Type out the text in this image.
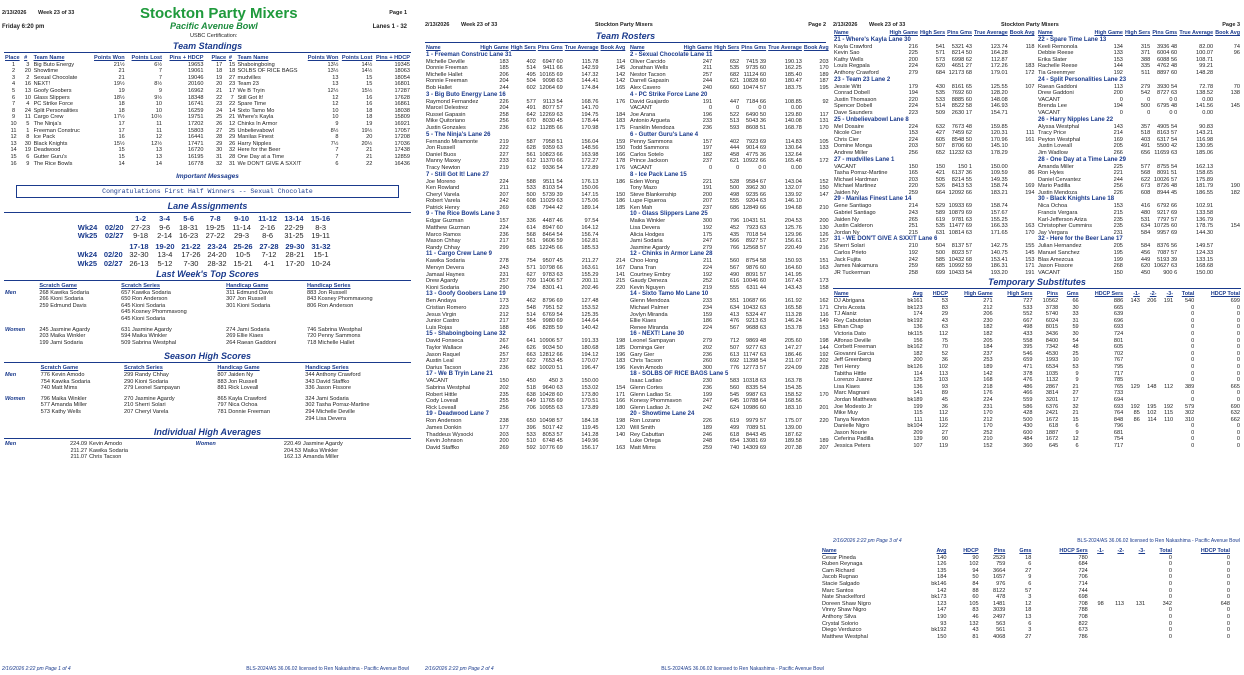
2/13/2026 Week 23 of 33	Stockton Party Mixers	Page 1
Friday 6:20 pm	Pacific Avenue Bowl	Lanes 1 - 32
USBC Certification:
Team Standings
Place	#	Team Name	Points Won	Points Lost	Pins + HDCP
1	3	Big Buto Energy	21½	6½	19653
2	20	Showtime	21	7	19061
3	2	Sexual Chocolate	21	7	19046
4	16	NEXT!	19½	8½	20160
5	13	Goofy Goobers	19	9	16962
6	10	Glass Slippers	18½	9½	18348
7	4	PC Strike Force	18	10	16741
8	24	Split Personalities	18	10	16259
9	11	Cargo Crew	17½	10½	19751
10	5	The Ninja's	17	11	17202
11	1	Freeman Construc	17	11	15803
12	8	Ice Pack	16	12	16441
13	30	Black Knights	15½	12½	17471
14	19	Deadwood	15	13	16720
15	6	Gutter Guru's	15	13	16195
16	9	The Rice Bowls	14	14	16778
Place	#	Team Name	Points Won	Points Lost	Pins + HDCP
17	15	Shaboingboing	13½	14½	19345
18	18	SOLBS OF RICE BAGS	13½	14½	18063
19	27	mudvilles	13	15	18054
20	23	Team 23	13	15	16801
21	17	We B Tryin	12½	15½	17287
22	7	Still Got It!	12	16	17628
23	22	Spare Time	12	16	16861
24	14	Sixto Tamo Mo	10	18	18038
25	21	Where's Kayla	10	18	15809
26	12	Chinks In Armor	9	19	16921
27	25	Unbelievabowl	8½	19½	17057
28	29	Manilas Finest	8	20	17208
29	26	Harry Nipples	7½	20½	17036
30	32	Here for the Beer	7	21	17438
31	28	One Day at a Time	7	21	12859
32	31	We DON'T GIVE A SXX!T	6	22	16436
Important Messages
Congratulations First Half Winners -- Sexual Chocolate
Lane Assignments
		1-2	3-4	5-6	7-8	9-10	11-12	13-14	15-16
Wk24	02/20	27-23	9-6	18-31	19-25	11-14	2-16	22-29	8-3
Wk25	02/27	9-18	2-14	16-23	27-22	29-3	8-6	31-25	19-11
		17-18	19-20	21-22	23-24	25-26	27-28	29-30	31-32
Wk24	02/20	32-30	13-4	17-26	24-20	10-5	7-12	28-21	15-1
Wk25	02/27	26-13	5-12	7-30	28-32	15-21	4-1	17-20	10-24
Last Week's Top Scores
	Scratch Game	Scratch Series	Handicap Game	Handicap Series
Men	268 Kawika Sodaria	657 Kawika Sodaria	311 Edmund Davis	883 Jon Russell
	266 Kioni Sodaria	650 Ron Anderson	307 Jon Russell	843 Kosney Phommavong
	259 Edmund Davis	645 Kioni Sodaria	301 Kioni Sodaria	806 Ron Anderson
		645 Kosney Phommavong		
		645 Kioni Sodaria		

Women	245 Jasmine Agardy	631 Jasmine Agardy	274 Jami Sodaria	746 Sabrina Westphal
	203 Maika Winkler	594 Maika Winkler	269 Ellie Kiaes	720 Penny Sammons
	199 Jami Sodaria	509 Sabrina Westphal	264 Raean Gaddoni	718 Michelle Hallet

Season High Scores
	Scratch Game	Scratch Series	Handicap Game	Handicap Series
Men	776 Kevin Amodo	299 Randy Chhay	807 Jaiden Ny	344 Anthony Crawford
	754 Kawika Sodaria	290 Kioni Sodaria	883 Jon Russell	343 David Staffko
	740 Matt Mims	279 Leonel Sampayan	881 Rick Loveall	336 Jason Fissore

Women	796 Maika Winkler	270 Jasmine Agardy	865 Kayla Crawford	324 Jami Sodaria
	577 Amanda Miller	210 Sherri Solari	797 Nica Ochoa	302 Tasha Porraz-Martine
	573 Kathy Wells	207 Cheryl Varela	781 Donnie Freeman	294 Michelle Deville
				294 Lisa Devera

Individual High Averages
Men	224.09	Kevin Amodo	Women	220.49	Jasmine Agardy
	211.27	Kawika Sodaria		204.53	Maika Winkler
	211.07	Chris Tacson		162.13	Amanda Miller
2/16/2026 2:22 pm Page 1 of 4	BLS-2024/AS 36.06.02 licensed to Ren Nakashima - Pacific Avenue Bowl
2/13/2026 Week 23 of 33	Stockton Party Mixers	Page 2
Team Rosters
Name	High Game	High Sers	Pins Gms	True Average	Book Avg
1 - Freeman Construc Lane 31					
Michelle Deville	183	402	6947 60	115.78	114
Donnie Freeman	185	514	9411 66	142.59	145
Michelle Hallet	206	495	10165 69	147.32	142
Ronnie Freeman	204	504	9098 63	144.41	142
Bob Hallet	244	602	12064 69	174.84	165
3 - Big Buto Energy Lane 16					
Raymond Fernandez	226	577	9113 54	168.76	176
Marcel Delestrez	204	491	8077 57	141.70	
Russel Gapasin	258	642	12269 63	194.75	184
Mike Quitoriano	256	670	8030 45	178.44	183
Justin Gonzales	236	612	11285 66	170.98	175
5 - The Ninja's Lane 26					
Fernando Miramonte	219	587	7958 51	156.04	159
Jon Russell	222	628	9359 63	148.56	150
Daniel Buos	227	561	10823 66	163.98	166
Manny Maxey	233	612	11370 66	172.27	178
Tracy Newton	219	612	9336 54	172.89	176
7 - Still Got It! Lane 27					
Joe Moreno	224	588	9511 54	176.13	186
Ken Rowland	211	533	8103 54	150.06	
Cheryl Varela	207	500	5739 39	147.15	150
Robert Varela	242	608	11029 63	175.06	186
Patrick Henry	269	638	7944 42	189.14	185
9 - The Rice Bowls Lane 3					
Edgar Guzman	157	336	4487 46	97.54	
Matthew Guzman	224	614	8947 60	164.12	
Marco Ramos	236	568	8464 54	156.74	
Mason Chhay	217	561	9606 59	162.81	
Randy Chhay	299	685	12245 66	185.53	
11 - Cargo Crew Lane 9					
Kawika Sodaria	278	754	9507 45	211.27	214
Mervyn Devera	243	571	10798 66	163.61	167
Jamaal Haynes	231	627	9783 63	155.29	141
Drew Agardy	257	709	11406 57	200.11	215
Kioni Sodaria	290	734	8301 41	202.46	220
13 - Goofy Goobers Lane 19					
Ben Andaya	173	462	8796 69	127.48	
Cristian Romero	223	548	7951 52	153.52	
Jesus Virgin	212	514	6769 54	125.35	
Junior Castro	217	554	9980 69	144.64	
Luis Rojas	188	496	8285 59	140.42	
15 - Shaboingboing Lane 32					
David Fonseca	267	641	10906 57	191.33	198
Taylor Wallace	246	626	9034 50	180.68	185
Jason Raquel	257	663	12812 66	194.12	196
Austin Leal	237	622	7653 45	170.07	183
Darius Tacson	236	682	10020 51	196.47	196
17 - We B Tryin Lane 21					
VACANT	150	450	450 3	150.00	
Sabrina Westphal	202	518	9640 63	153.02	154
Robert Hittle	235	638	10428 60	173.80	171
Cody Loveall	255	649	11765 69	170.51	166
Rick Loveall	256	706	10955 63	173.89	180
19 - Deadwood Lane 7					
Ron Anderson	238	650	10498 57	184.18	198
James Donkin	177	396	5017 42	119.45	120
Thaddeus Wysocki	203	533	8053 57	141.28	140
Kevin Johnson	200	510	6748 45	149.96	
David Staffko	269	592	10776 69	156.17	163
Name	High Game	High Sers	Pins Gms	True Average	Book Avg
2 - Sexual Chocolate Lane 11					
Oliver Carcido	247	652	7415 39	190.13	203
Jonathan Wells	211	535	9735 60	162.25	170
Nestor Tacson	257	682	11124 60	185.40	189
Darrell Gapasin	244	621	10828 60	180.47	187
Alex Cavero	240	660	10474 57	183.75	195
4 - PC Strike Force Lane 20					
David Guajardo	191	447	7184 66	108.85	92
VACANT	0	0	0 0	0.00	
Joe Arana	196	522	6490 50	129.80	117
Antonio Argueta	233	513	5043 36	140.08	131
Franklin Mendoza	236	593	8608 51	168.78	170
6 - Gutter Guru's Lane 4					
Penny Sammons	157	402	7923 69	114.83	105
Todd Sammons	197	444	9014 69	130.64	133
Carlos Sotelo	182	458	4775 36	132.64	
Prince Jackson	237	621	10922 66	165.48	172
VACANT	0	0	0 0	0.00	
8 - Ice Pack Lane 15					
Eden Wong	221	528	9584 67	143.04	152
Tony Mazo	191	500	3962 30	132.07	150
Steve Blankenship	200	498	9235 66	139.92	147
Lupe Figueroa	207	555	9204 63	146.10	
Ken Mah	237	686	12849 66	194.68	210
10 - Glass Slippers Lane 25					
Maika Winkler	300	796	10431 51	204.53	200
Lisa Devera	192	452	7923 63	125.76	130
Alicia Hodges	175	435	7018 54	129.96	126
Jami Sodaria	247	566	8927 57	156.61	157
Jasmine Agardy	279	766	12568 57	220.49	216
12 - Chinks in Armor Lane 28					
Choo Hong	211	560	8754 58	150.93	151
Dana Tran	224	567	9876 60	164.60	163
Courtney Embry	192	490	8091 57	141.95	
Gaudy Deneza	252	616	10046 60	167.43	173
Kevin Nguyen	219	555	6311 44	143.43	158
14 - Sixto Tamo Mo Lane 10					
Glenn Mendoza	233	551	10687 66	161.92	162
Michael Palmer	234	634	10432 63	165.58	171
Jovlyn Miranda	159	413	5324 47	113.28	116
Ellie Kiaes	186	476	9213 63	146.24	149
Renee Miranda	224	567	9688 63	153.78	153
16 - NEXT! Lane 30					
Leonel Sampayan	279	712	9869 48	205.60	198
Dominga Gier	202	507	9277 63	147.27	144
Gary Gier	236	613	11747 63	186.46	192
Chris Tacson	260	692	11398 54	211.07	202
Kevin Amodo	300	776	12773 57	224.09	228
18 - SOLBS OF RICE BAGS Lane 5					
Isaac Ladiao	230	583	10318 63	163.78	
Glenn Cortes	236	560	8335 54	154.35	
Glenn Ladiao Sr.	199	545	9987 63	158.52	170
Konesy Phommavon	247	645	10788 64	168.56	
Glenn Ladiao Jr.	242	624	10986 60	183.10	201
20 - Showtime Lane 24					
Ron Lozano	226	619	9979 57	175.07	220
Will Smith	189	499	7089 51	139.00	
Rey Cabuttan	246	618	8443 45	187.62	
Luke Ortega	248	654	13081 69	189.58	189
Matt Mims	259	740	14309 69	207.38	207
2/16/2026 2:22 pm Page 2 of 4	BLS-2024/AS 36.06.02 licensed to Ren Nakashima - Pacific Avenue Bowl
2/13/2026 Week 23 of 33	Stockton Party Mixers	Page 3
Name	High Game	High Sers	Pins Gms	True Average	Book Avg
21 - Where's Kayla Lane 30					
Kayla Crawford	216	541	5321 43	123.74	118
Kevin Sao	225	571	8214 50	164.28	
Kathy Wells	200	573	6998 62	112.87	
Louis Regpala	224	620	4651 27	172.26	183
Anthony Crawford	279	684	12173 68	179.01	172
23 - Team 23 Lane 2					
Jessie Witt	179	430	8161 65	125.55	107
Conrad Dobell	194	535	7692 60	128.20	
Justin Thomason	220	533	8885 60	148.08	
Spencer Dobell	224	514	8522 58	146.93	
Dave Saunders	223	509	2630 17	154.71	
25 - Unbelievabowl Lane 8					
Mel Dosaire	224	632	7673 48	159.85	
Nicole Cier	153	427	7459 62	120.31	111
Chris Cier	224	605	8548 50	170.96	161
Domine Monga	203	507	8706 60	145.10	
Andrew Miller	256	652	11232 63	178.29	
27 - mudvilles Lane 1					
VACANT	150	150	150 1	150.00	
Tasha Porraz-Martine	165	421	6137 36	109.59	86
Michael Hardman	203	505	8214 55	149.35	
Michael Martinez	220	526	8413 53	158.74	169
Jaiden Ny	259	664	12092 66	183.21	194
29 - Manilas Finest Lane 14					
Gene Santiago	214	529	10933 69	158.74	
Gabriel Santiago	243	589	10879 69	157.67	
Jaiden Ny	265	619	9781 63	155.25	
Justin Calderon	251	535	11477 69	166.33	163
Jordan Ny	215	631	10814 63	171.65	170
31 - WE DON'T GIVE A SXX!T Lane 6					
Sherri Solari	210	504	8137 57	142.75	155
Carlos Prieto	192	500	8023 57	140.75	145
Jack Fujita	242	585	10432 68	153.41	153
James Nakamura	259	685	10992 59	186.31	171
JR Tuckerman	258	699	10433 54	193.20	191
Name	High Game	High Sers	Pins Gms	True Average	Book Avg
22 - Spare Time Lane 13					
Keeli Remonola	134	315	3936 48	82.00	74
Debbie Reese	133	371	6004 60	100.07	96
Erika Slater	153	388	6088 56	108.71	
Rachelle Reese	144	335	4762 48	99.21	
Tia Greenmyer	192	511	8897 60	148.28	
24 - Split Personalities Lane 23					
Raean Gaddoni	113	279	3930 54	72.78	70
Drew Gaddoni	200	542	8727 63	138.52	138
VACANT	0	0	0 0	0.00	
Brenda Lee	194	500	6795 48	141.56	145
VACANT	0	0	0 0	0.00	
26 - Harry Nipples Lane 22					
Alyssa Westphal	143	357	4905 54	90.83	
Tracy Price	214	518	8163 57	143.21	
Peyton Westphal	169	403	6317 54	116.98	
Justin Loveall	205	491	5500 42	130.95	
Jim Wadlow	266	656	11659 63	185.06	
28 - One Day at a Time Lane 29					
Amanda Miller	225	577	8755 54	162.13	
Ron Hyles	221	568	8091 51	158.65	
Daniel Cervantez	244	622	10026 57	175.89	
Mario Padilla	256	673	8726 48	181.79	190
Justin Mendoza	226	608	8944 45	186.55	182
30 - Black Knights Lane 18					
Nica Ochoa	153	416	6792 66	102.91	
Francis Vergara	215	480	9217 69	133.58	
Karl-Jefferson Ariza	235	531	7797 57	136.79	
Christopher Cummins	235	634	10725 60	178.75	154
Jay Vergara	231	584	9957 69	144.30	
32 - Here for the Beer Lane 17					
Julian Hernandez	205	584	8376 56	149.57	
Manuel Sanchez	195	456	7087 57	124.33	
Blas Amezcua	199	449	5193 39	133.15	
Jason Fissore	268	620	10627 63	168.68	
VACANT	150	450	900 6	150.00	
Temporary Substitutes
Name	Avg	HDCP	High Game	High Sers	Pins	Gms	HDCP Sers	-1-	-2-	-3-	Total	HDCP Total
DJ Abrigana	bk161	53	271	727	10562	66	886	143	206	191	540	699
Chris Acosta	bk123	83	212	533	3738	30	665				0	0
TJ Alaniz	174	29	206	552	5740	33	639				0	0
Rey Cabutotan	bk192	43	230	667	6024	31	696				0	0
Ethan Chap	136	63	182	498	8015	59	693				0	0
Victoria Dato	bk115	112	182	433	3436	30	724				0	0
Alfonso Deville	156	75	205	558	8400	54	801				0	0
Corbett Freeman	bk162	70	184	395	7342	48	605				0	0
Giovanni Garcia	182	52	237	546	4530	25	702				0	0
Jeff Greenberg	200	36	253	659	1993	10	767				0	0
Teri Henry	bk126	102	189	471	6534	53	795				0	0
Tabitha Hittle	114	113	142	378	1035	9	717				0	0
Lorenzo Juarez	125	103	168	476	1132	9	785				0	0
Lisa Kiaes	136	93	218	486	2867	21	765	129	148	112	389	665
Marc Magnani	141	89	176	466	3814	27	733				0	0
Jordan Matthews	bk189	45	224	559	3201	17	694				0	0
Joe Modesto Jr	199	36	231	586	6376	32	693	192	195	192	579	690
Mike Muy	115	112	170	428	2421	21	764	85	102	115	302	632
Tanya Newton	111	116	212	500	1672	15	848	86	114	110	310	662
Danielle Nigro	bk104	122	170	430	618	6	796				0	0
Jason Nourie	209	27	252	600	1887	9	681				0	0
Ceferina Padilla	139	90	210	484	1672	12	754				0	0
Jessica Peters	107	119	152	360	645	6	717				0	0
2/16/2026 2:22 pm Page 3 of 4	BLS-2024/AS 36.06.02 licensed to Ren Nakashima - Pacific Avenue Bowl
Name	Avg	HDCP	Pins	Gms	HDCP Sers	-1-	-2-	-3-	Total	HDCP Total
Cesar Pineda	140	90	2529	18	780				0	0
Ruben Reynaga	126	102	759	6	684				0	0
Cam Richard	135	94	3664	27	724				0	0
Jacob Rugnao	184	50	1657	9	706				0	0
Stacie Salgado	bk146	84	976	6	714				0	0
Marc Santos	142	88	8122	57	744				0	0
Nate Shackelford	bk173	60	478	3	698				0	0
Doreen Shaw Nigro	123	105	1481	12	708	98	113	131	342	648
Vinny Shaw Nigro	147	83	3039	18	788				0	0
Anthony Silva	190	46	2497	13	708				0	0
Crystal Solorio	93	132	563	6	822				0	0
Diego Verduzco	bk192	43	561	3	673				0	0
Matthew Westphal	150	81	4068	27	786				0	0
